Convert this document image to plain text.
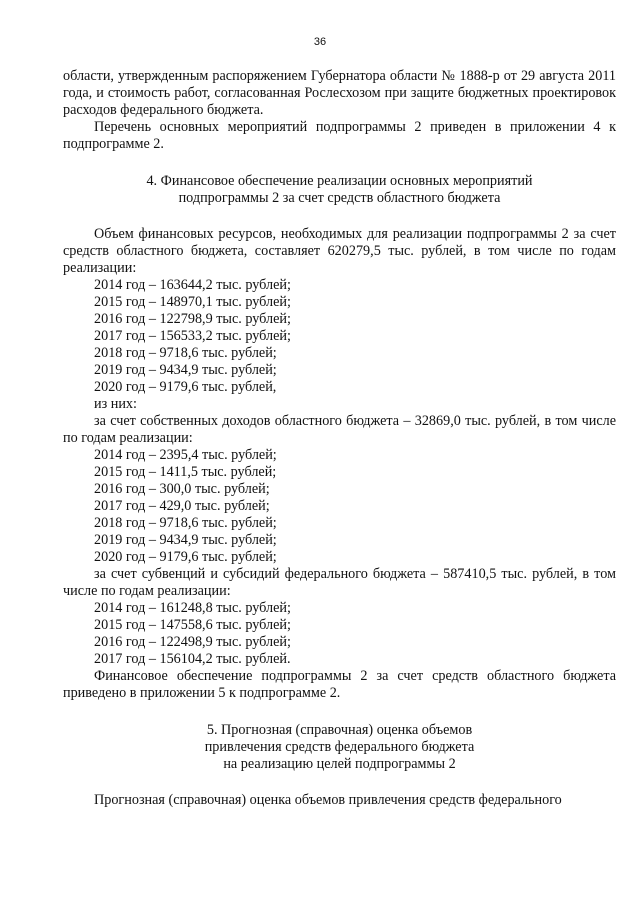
36

области, утвержденным распоряжением Губернатора области № 1888-р от 29 августа 2011 года, и стоимость работ, согласованная Рослесхозом при защите бюджетных проектировок расходов федерального бюджета.

Перечень основных мероприятий подпрограммы 2 приведен в приложении 4 к подпрограмме 2.

4. Финансовое обеспечение реализации основных мероприятий
подпрограммы 2 за счет средств областного бюджета

Объем финансовых ресурсов, необходимых для реализации подпрограммы 2 за счет средств областного бюджета, составляет 620279,5 тыс. рублей, в том числе по годам реализации:

2014 год – 163644,2 тыс. рублей;
2015 год – 148970,1 тыс. рублей;
2016 год – 122798,9 тыс. рублей;
2017 год – 156533,2 тыс. рублей;
2018 год – 9718,6 тыс. рублей;
2019 год – 9434,9 тыс. рублей;
2020 год – 9179,6 тыс. рублей,
из них:

за счет собственных доходов областного бюджета – 32869,0 тыс. рублей, в том числе по годам реализации:

2014 год – 2395,4 тыс. рублей;
2015 год – 1411,5 тыс. рублей;
2016 год – 300,0 тыс. рублей;
2017 год – 429,0 тыс. рублей;
2018 год – 9718,6 тыс. рублей;
2019 год – 9434,9 тыс. рублей;
2020 год – 9179,6 тыс. рублей;

за счет субвенций и субсидий федерального бюджета – 587410,5 тыс. рублей, в том числе по годам реализации:

2014 год – 161248,8 тыс. рублей;
2015 год – 147558,6 тыс. рублей;
2016 год – 122498,9 тыс. рублей;
2017 год – 156104,2 тыс. рублей.

Финансовое обеспечение подпрограммы 2 за счет средств областного бюджета приведено в приложении 5 к подпрограмме 2.

5. Прогнозная (справочная) оценка объемов
привлечения средств федерального бюджета
на реализацию целей подпрограммы 2

Прогнозная (справочная) оценка объемов привлечения средств федерального
